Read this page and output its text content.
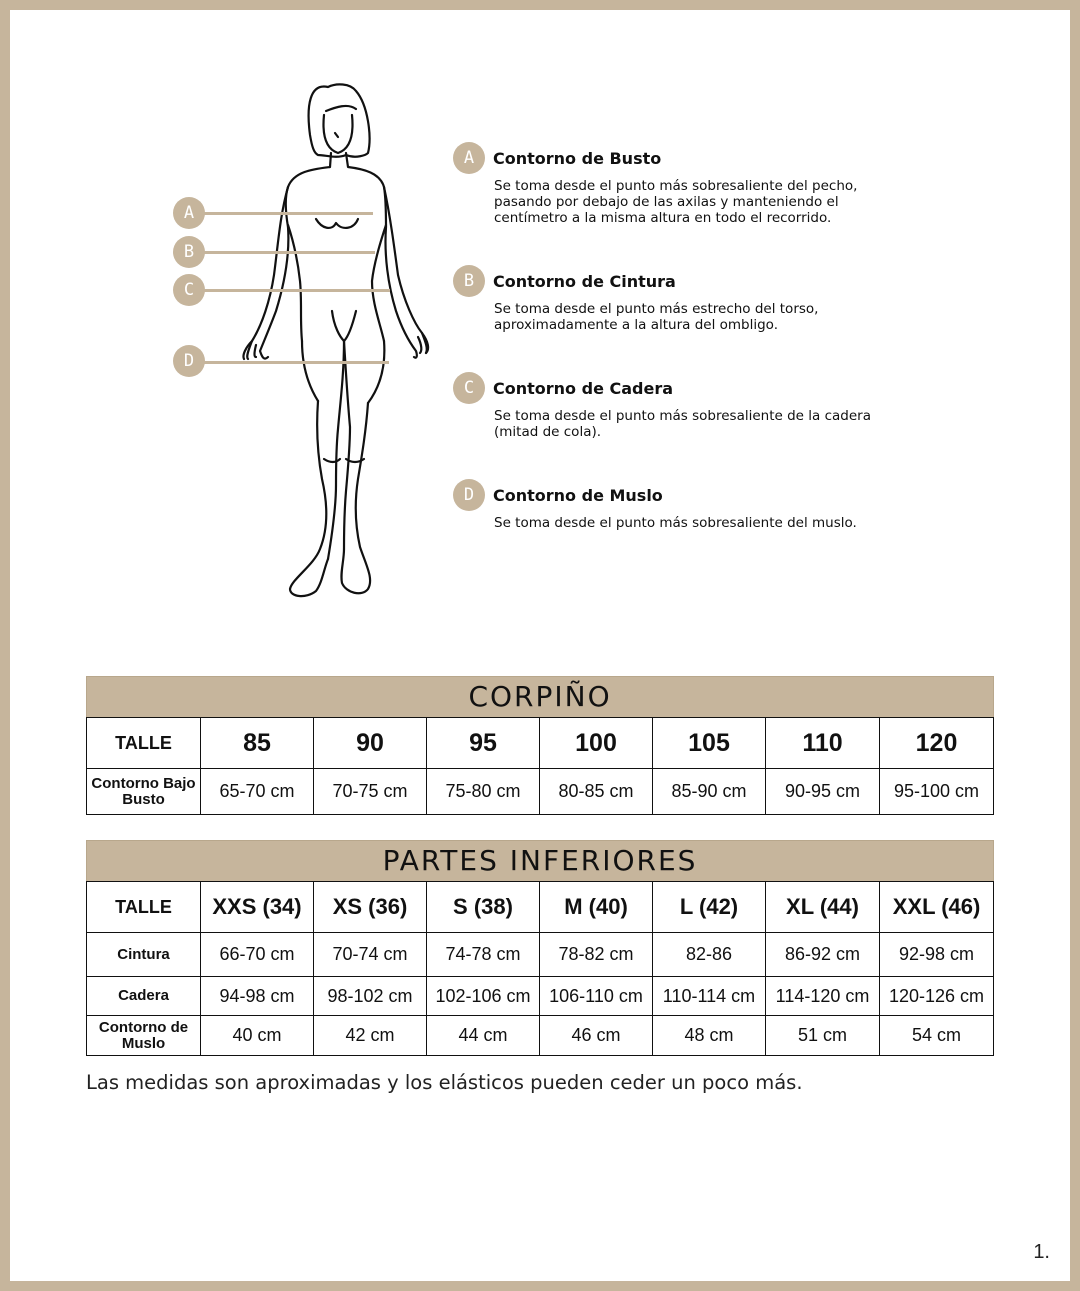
A
B
C
D
A	Contorno de Busto
Se toma desde el punto más sobresaliente del pecho, pasando por debajo de las axilas y manteniendo el centímetro a la misma altura en todo el recorrido.
B	Contorno de Cintura
Se toma desde el punto más estrecho del torso, aproximadamente a la altura del ombligo.
C	Contorno de Cadera
Se toma desde el punto más sobresaliente de la cadera (mitad de cola).
D	Contorno de Muslo
Se toma desde el punto más sobresaliente del muslo.
CORPIÑO							
TALLE	85	90	95	100	105	110	120
Contorno Bajo Busto	65-70 cm	70-75 cm	75-80 cm	80-85 cm	85-90 cm	90-95 cm	95-100 cm
PARTES INFERIORES							
TALLE	XXS (34)	XS (36)	S (38)	M (40)	L (42)	XL (44)	XXL (46)
Cintura	66-70 cm	70-74 cm	74-78 cm	78-82 cm	82-86	86-92 cm	92-98 cm
Cadera	94-98 cm	98-102 cm	102-106 cm	106-110 cm	110-114 cm	114-120 cm	120-126 cm
Contorno de Muslo	40 cm	42 cm	44 cm	46 cm	48 cm	51 cm	54 cm
Las medidas son aproximadas y los elásticos pueden ceder un poco más.
1.
